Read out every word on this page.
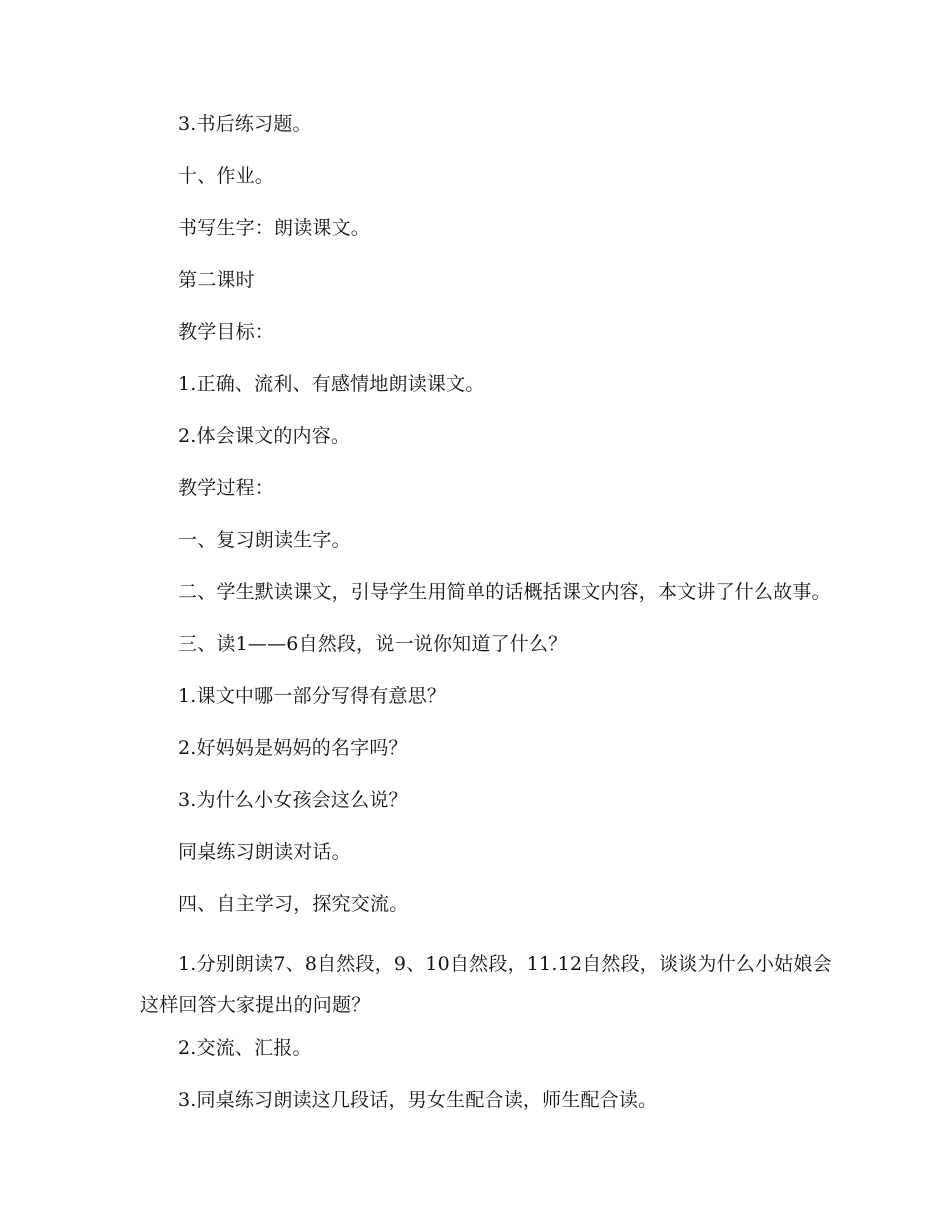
3.书后练习题。

十、作业。

书写生字：朗读课文。

第二课时

教学目标：

1.正确、流利、有感情地朗读课文。

2.体会课文的内容。

教学过程：

一、复习朗读生字。

二、学生默读课文，引导学生用简单的话概括课文内容，本文讲了什么故事。

三、读1——6自然段，说一说你知道了什么？

1.课文中哪一部分写得有意思？

2.好妈妈是妈妈的名字吗？

3.为什么小女孩会这么说？

同桌练习朗读对话。

四、自主学习，探究交流。

1.分别朗读7、8自然段，9、10自然段，11.12自然段，谈谈为什么小姑娘会
这样回答大家提出的问题？

2.交流、汇报。

3.同桌练习朗读这几段话，男女生配合读，师生配合读。
